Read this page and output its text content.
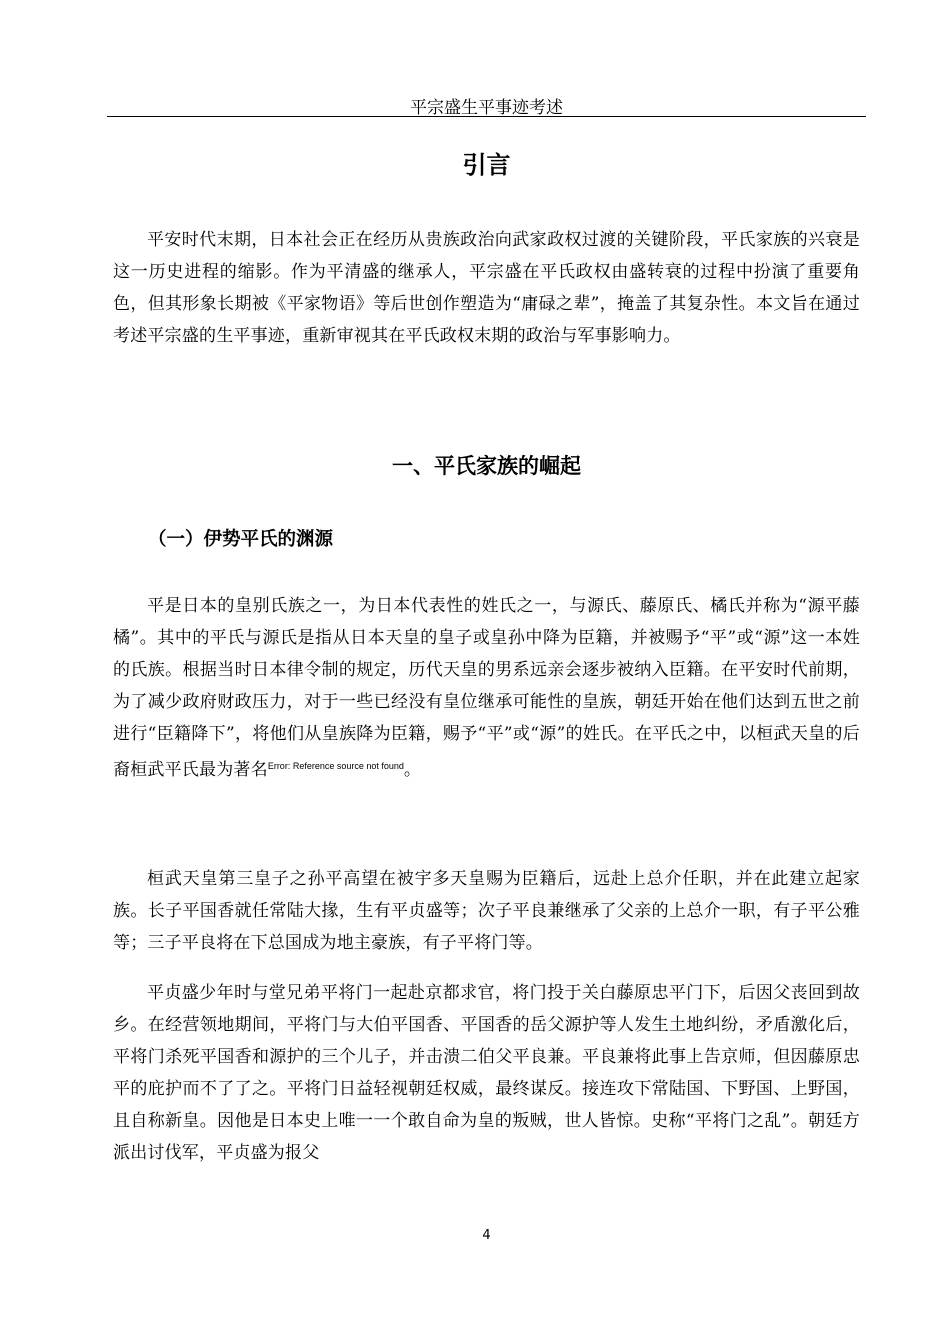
平宗盛生平事迹考述
引言

平安时代末期，日本社会正在经历从贵族政治向武家政权过渡的关键阶段，平氏家族的兴衰是这一历史进程的缩影。作为平清盛的继承人，平宗盛在平氏政权由盛转衰的过程中扮演了重要角色，但其形象长期被《平家物语》等后世创作塑造为“庸碌之辈”，掩盖了其复杂性。本文旨在通过考述平宗盛的生平事迹，重新审视其在平氏政权末期的政治与军事影响力。

一、平氏家族的崛起
（一）伊势平氏的渊源

平是日本的皇别氏族之一，为日本代表性的姓氏之一，与源氏、藤原氏、橘氏并称为“源平藤橘”。其中的平氏与源氏是指从日本天皇的皇子或皇孙中降为臣籍，并被赐予“平”或“源”这一本姓的氏族。根据当时日本律令制的规定，历代天皇的男系远亲会逐步被纳入臣籍。在平安时代前期，为了减少政府财政压力，对于一些已经没有皇位继承可能性的皇族，朝廷开始在他们达到五世之前进行“臣籍降下”，将他们从皇族降为臣籍，赐予“平”或“源”的姓氏。在平氏之中，以桓武天皇的后裔桓武平氏最为著名$^{Error: Reference source not found}$。

桓武天皇第三皇子之孙平高望在被宇多天皇赐为臣籍后，远赴上总介任职，并在此建立起家族。长子平国香就任常陆大掾，生有平贞盛等；次子平良兼继承了父亲的上总介一职，有子平公雅等；三子平良将在下总国成为地主豪族，有子平将门等。

平贞盛少年时与堂兄弟平将门一起赴京都求官，将门投于关白藤原忠平门下，后因父丧回到故乡。在经营领地期间，平将门与大伯平国香、平国香的岳父源护等人发生土地纠纷，矛盾激化后，平将门杀死平国香和源护的三个儿子，并击溃二伯父平良兼。平良兼将此事上告京师，但因藤原忠平的庇护而不了了之。平将门日益轻视朝廷权威，最终谋反。接连攻下常陆国、下野国、上野国，且自称新皇。因他是日本史上唯一一个敢自命为皇的叛贼，世人皆惊。史称“平将门之乱”。朝廷方派出讨伐军，平贞盛为报父

4
